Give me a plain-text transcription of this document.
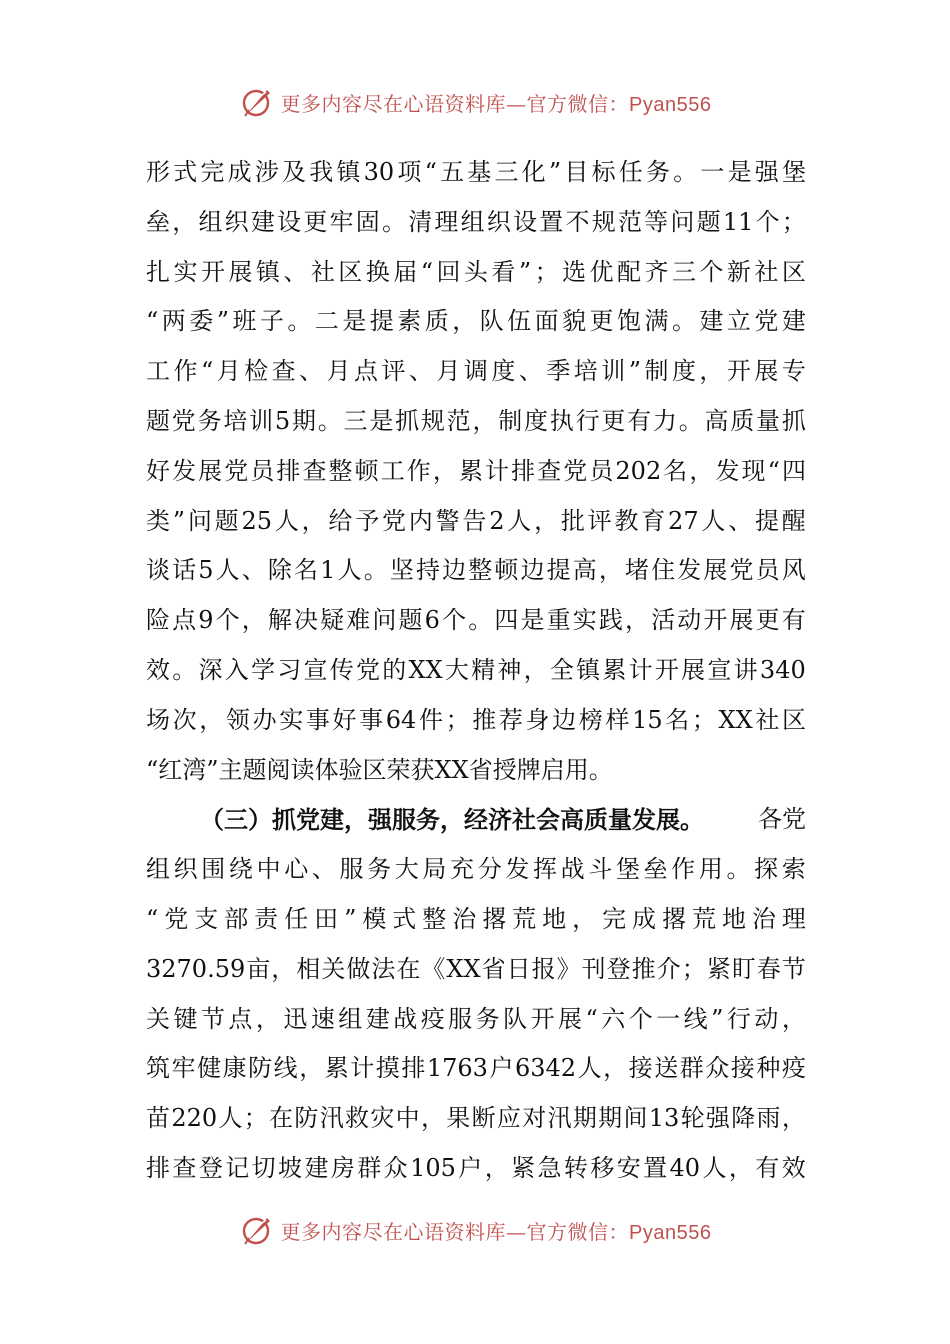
更多内容尽在心语资料库—官方微信：Pyan556
形 式 完 成 涉 及 我 镇 30 项 “ 五 基 三 化 ” 目 标 任 务 。 一 是 强 堡
垒 ， 组 织 建 设 更 牢 固 。 清 理 组 织 设 置 不 规 范 等 问 题 11 个 ；
扎 实 开 展 镇 、 社 区 换 届 “ 回 头 看 ” ； 选 优 配 齐 三 个 新 社 区
“ 两 委 ” 班 子 。 二 是 提 素 质 ， 队 伍 面 貌 更 饱 满 。 建 立 党 建
工 作 “ 月 检 查 、 月 点 评 、 月 调 度 、 季 培 训 ” 制 度 ， 开 展 专
题 党 务 培 训 5 期 。 三 是 抓 规 范 ， 制 度 执 行 更 有 力 。 高 质 量 抓
好 发 展 党 员 排 查 整 顿 工 作 ， 累 计 排 查 党 员 202 名 ， 发 现 “ 四
类 ” 问 题 25 人 ， 给 予 党 内 警 告 2 人 ， 批 评 教 育 27 人 、 提 醒
谈 话 5 人 、 除 名 1 人 。 坚 持 边 整 顿 边 提 高 ， 堵 住 发 展 党 员 风
险 点 9 个 ， 解 决 疑 难 问 题 6 个 。 四 是 重 实 践 ， 活 动 开 展 更 有
效 。 深 入 学 习 宣 传 党 的 XX 大 精 神 ， 全 镇 累 计 开 展 宣 讲 340
场 次 ， 领 办 实 事 好 事 64 件 ； 推 荐 身 边 榜 样 15 名 ； XX 社 区
“红湾”主题阅读体验区荣获XX省授牌启用。
（三）抓党建，强服务，经济社会高质量发展。 各党
组 织 围 绕 中 心 、 服 务 大 局 充 分 发 挥 战 斗 堡 垒 作 用 。 探 索
“ 党 支 部 责 任 田 ” 模 式 整 治 撂 荒 地 ， 完 成 撂 荒 地 治 理
3270.59 亩 ， 相 关 做 法 在 《 XX 省 日 报 》 刊 登 推 介 ； 紧 盯 春 节
关 键 节 点 ， 迅 速 组 建 战 疫 服 务 队 开 展 “ 六 个 一 线 ” 行 动 ，
筑 牢 健 康 防 线 ， 累 计 摸 排 1763 户 6342 人 ， 接 送 群 众 接 种 疫
苗 220 人 ； 在 防 汛 救 灾 中 ， 果 断 应 对 汛 期 期 间 13 轮 强 降 雨 ，
排 查 登 记 切 坡 建 房 群 众 105 户 ， 紧 急 转 移 安 置 40 人 ， 有 效
更多内容尽在心语资料库—官方微信：Pyan556
